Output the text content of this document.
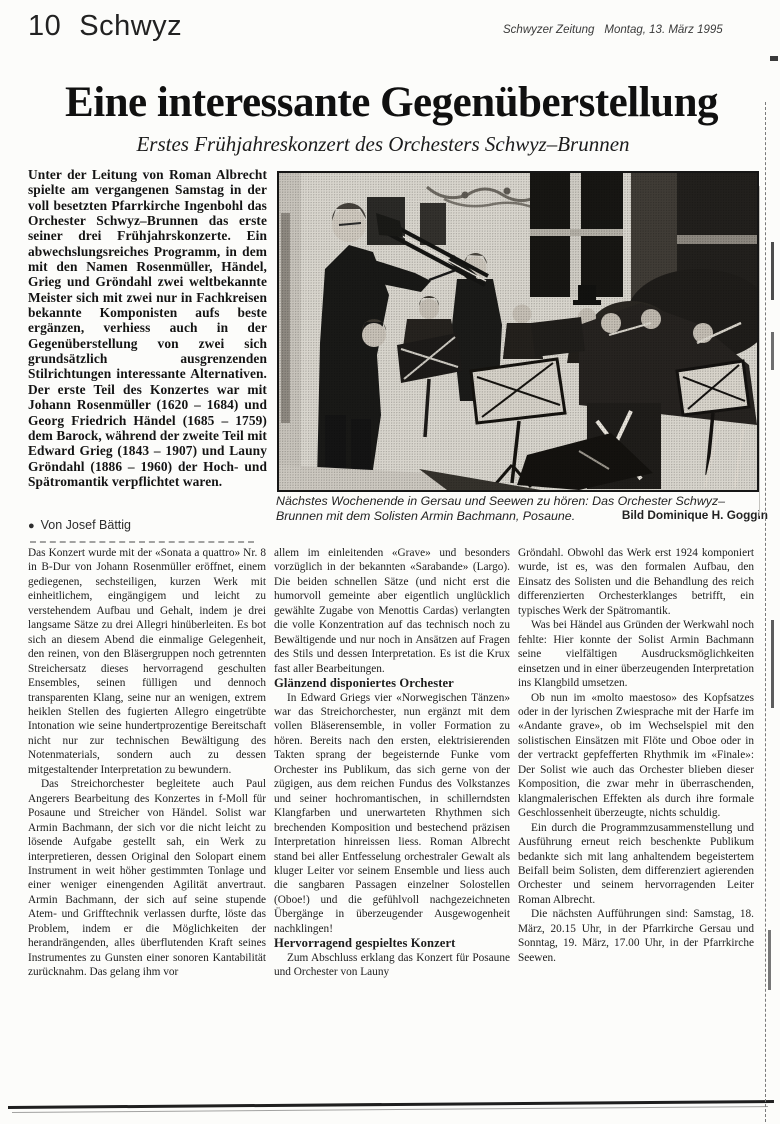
10 Schwyz	Schwyzer Zeitung Montag, 13. März 1995
Eine interessante Gegenüberstellung
Erstes Frühjahreskonzert des Orchesters Schwyz–Brunnen
Unter der Leitung von Roman Albrecht spielte am vergangenen Samstag in der voll besetzten Pfarrkirche Ingenbohl das Orchester Schwyz–Brunnen das erste seiner drei Frühjahrskonzerte. Ein abwechslungsreiches Programm, in dem mit den Namen Rosenmüller, Händel, Grieg und Gröndahl zwei weltbekannte Meister sich mit zwei nur in Fachkreisen bekannte Komponisten aufs beste ergänzen, verhiess auch in der Gegenüberstellung von zwei sich grundsätzlich ausgrenzenden Stilrichtungen interessante Alternativen. Der erste Teil des Konzertes war mit Johann Rosenmüller (1620 – 1684) und Georg Friedrich Händel (1685 – 1759) dem Barock, während der zweite Teil mit Edward Grieg (1843 – 1907) und Launy Gröndahl (1886 – 1960) der Hoch- und Spätromantik verpflichtet waren.
● Von Josef Bättig
Nächstes Wochenende in Gersau und Seewen zu hören: Das Orchester Schwyz–Brunnen mit dem Solisten Armin Bachmann, Posaune.	Bild Dominique H. Goggin

Das Konzert wurde mit der «Sonata a quattro» Nr. 8 in B-Dur von Johann Rosenmüller eröffnet, einem gediegenen, sechsteiligen, kurzen Werk mit einheitlichem, eingängigem und leicht zu verstehendem Aufbau und Gehalt, indem je drei langsame Sätze zu drei Allegri hinüberleiten. Es bot sich an diesem Abend die einmalige Gelegenheit, den reinen, von den Bläsergruppen noch getrennten Streichersatz dieses hervorragend geschulten Ensembles, seinen fülligen und dennoch transparenten Klang, seine nur an wenigen, extrem heiklen Stellen des fugierten Allegro eingetrübte Intonation wie seine hundertprozentige Bereitschaft nicht nur zur technischen Bewältigung des Notenmaterials, sondern auch zu dessen mitgestaltender Interpretation zu bewundern.

Das Streichorchester begleitete auch Paul Angerers Bearbeitung des Konzertes in f-Moll für Posaune und Streicher von Händel. Solist war Armin Bachmann, der sich vor die nicht leicht zu lösende Aufgabe gestellt sah, ein Werk zu interpretieren, dessen Original den Solopart einem Instrument in weit höher gestimmten Tonlage und einer weniger einengenden Agilität anvertraut. Armin Bachmann, der sich auf seine stupende Atem- und Grifftechnik verlassen durfte, löste das Problem, indem er die Möglichkeiten der herandrängenden, alles überflutenden Kraft seines Instrumentes zu Gunsten einer sonoren Kantabilität zurücknahm. Das gelang ihm vor

allem im einleitenden «Grave» und besonders vorzüglich in der bekannten «Sarabande» (Largo). Die beiden schnellen Sätze (und nicht erst die humorvoll gemeinte aber eigentlich unglücklich gewählte Zugabe von Menottis Cardas) verlangten die volle Konzentration auf das technisch noch zu Bewältigende und nur noch in Ansätzen auf Fragen des Stils und dessen Interpretation. Es ist die Krux fast aller Bearbeitungen.

Glänzend disponiertes Orchester

In Edward Griegs vier «Norwegischen Tänzen» war das Streichorchester, nun ergänzt mit dem vollen Bläserensemble, in voller Formation zu hören. Bereits nach den ersten, elektrisierenden Takten sprang der begeisternde Funke vom Orchester ins Publikum, das sich gerne von der zügigen, aus dem reichen Fundus des Volkstanzes und seiner hochromantischen, in schillerndsten Klangfarben und unerwarteten Rhythmen sich brechenden Komposition und bestechend präzisen Interpretation hinreissen liess. Roman Albrecht stand bei aller Entfesselung orchestraler Gewalt als kluger Leiter vor seinem Ensemble und liess auch die sangbaren Passagen einzelner Solostellen (Oboe!) und die gefühlvoll nachgezeichneten Übergänge in überzeugender Ausgewogenheit nachklingen!

Hervorragend gespieltes Konzert

Zum Abschluss erklang das Konzert für Posaune und Orchester von Launy

Gröndahl. Obwohl das Werk erst 1924 komponiert wurde, ist es, was den formalen Aufbau, den Einsatz des Solisten und die Behandlung des reich differenzierten Orchesterklanges betrifft, ein typisches Werk der Spätromantik.

Was bei Händel aus Gründen der Werkwahl noch fehlte: Hier konnte der Solist Armin Bachmann seine vielfältigen Ausdrucksmöglichkeiten einsetzen und in einer überzeugenden Interpretation ins Klangbild umsetzen.

Ob nun im «molto maestoso» des Kopfsatzes oder in der lyrischen Zwiesprache mit der Harfe im «Andante grave», ob im Wechselspiel mit den solistischen Einsätzen mit Flöte und Oboe oder in der vertrackt gepfefferten Rhythmik im «Finale»: Der Solist wie auch das Orchester blieben dieser Komposition, die zwar mehr in überraschenden, klangmalerischen Effekten als durch ihre formale Geschlossenheit überzeugte, nichts schuldig.

Ein durch die Programmzusammenstellung und Ausführung erneut reich beschenkte Publikum bedankte sich mit lang anhaltendem begeistertem Beifall beim Solisten, dem differenziert agierenden Orchester und seinem hervorragenden Leiter Roman Albrecht.

Die nächsten Aufführungen sind: Samstag, 18. März, 20.15 Uhr, in der Pfarrkirche Gersau und Sonntag, 19. März, 17.00 Uhr, in der Pfarrkirche Seewen.
